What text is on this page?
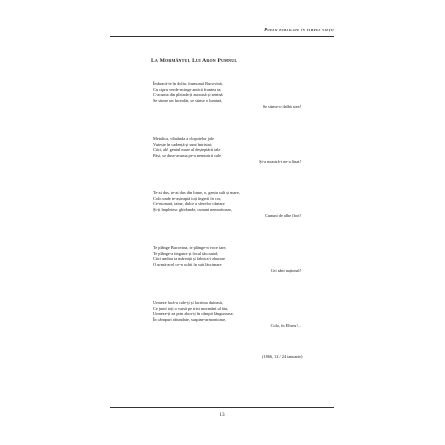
Poezii publicate în timpul vieții
La Mormântul Lui Aron Pumnul
Îmbracă-te în doliu, frumoasă Bucovină,
Cu cipru verde-ncinge antică fruntea ta;
C-acuma din pleiada-ți auroasă și senină
Se stinse un luceafăr, se stinse o lumină,
Se stinse-o dalbă stea!
Metalica, vibrânda a clopotelor jale
Vuiește în cadență și sunt întristat;
Căci, ah! geniul mare al deșteptării tale
Păși, se duse-acuma pe-a nemuririi cale
Și-a noastră-i ne-a lăsat!
Te-ai dus, te-ai dus din lume, o, geniu sult și mare,
Colo unde te-așteaptă toți îngerii în cor,
Ce-ntonară, taine, dulce a sferelor cântare
Și-ți împletesc ghirlande, cununi nemuritoare,
Cununi de albe flori!
Te plânge Bucovina, te plânge-n voce tare,
Te plânge-a tinguire și locul tău natal;
Căci umbra ta măreață și falnica-i zburare
O urmă-acel ce-n ochii în suit lăcrimare
Cei sânt național!
Urmeze lacă-a cale-ți și lacrima duioasă,
Ce junii toți o varsă pe trist mormânt ul tău,
Urmeze-ți ea prin zbor-ți în câmpii lânguroase,
În câmpuri rătundate, suspine-armonioase,
Colo, în Eliseu!...
(1866, 12 / 24 ianuarie)
13
